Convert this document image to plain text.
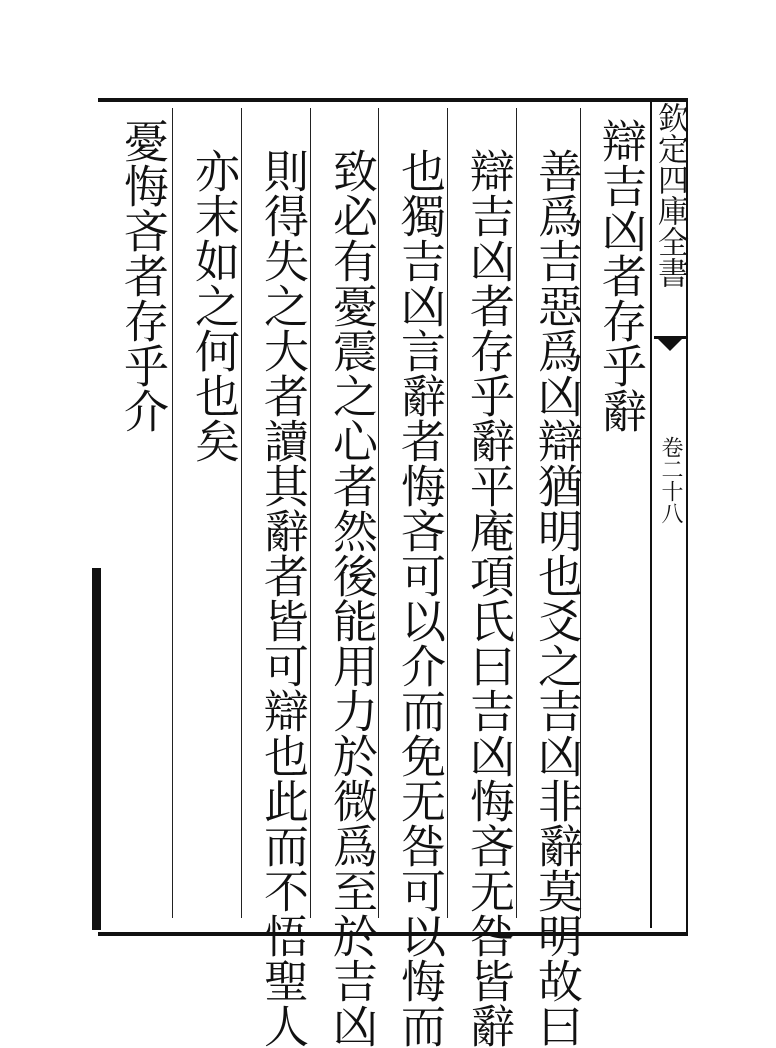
欽定四庫全書
卷二十八
辯吉凶者存乎辭
善爲吉惡爲凶辯猶明也爻之吉凶非辭莫明故曰
辯吉凶者存乎辭平庵項氏曰吉凶悔吝无咎皆辭
也獨吉凶言辭者悔吝可以介而免无咎可以悔而
致必有憂震之心者然後能用力於微爲至於吉凶
則得失之大者讀其辭者皆可辯也此而不悟聖人
亦末如之何也矣
憂悔吝者存乎介
